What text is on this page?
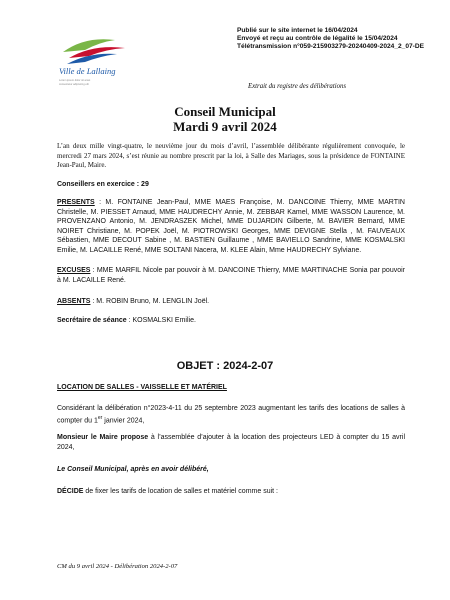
Publié sur le site internet le 16/04/2024
Envoyé et reçu au contrôle de légalité le 15/04/2024
Télétransmission n°059-215903279-20240409-2024_2_07-DE
Ville de Lallaing
Lorem ipsum dolor sit amet
consectetur adipiscing elit	Extrait du registre des délibérations
Conseil Municipal
Mardi 9 avril 2024

L’an deux mille vingt-quatre, le neuvième jour du mois d’avril, l’assemblée délibérante régulièrement convoquée, le mercredi 27 mars 2024, s’est réunie au nombre prescrit par la loi, à Salle des Mariages, sous la présidence de FONTAINE Jean-Paul, Maire.

Conseillers en exercice : 29

PRESENTS : M. FONTAINE Jean-Paul, MME MAES Françoise, M. DANCOINE Thierry, MME MARTIN Christelle, M. PIESSET Arnaud, MME HAUDRECHY Annie, M. ZEBBAR Kamel, MME WASSON Laurence, M. PROVENZANO Antonio, M. JENDRASZEK Michel, MME DUJARDIN Gilberte, M. BAVIER Bernard, MME NOIRET Christiane, M. POPEK Joël, M. PIOTROWSKI Georges, MME DEVIGNE Stella , M. FAUVEAUX Sébastien, MME DECOUT Sabine , M. BASTIEN Guillaume , MME BAVIELLO Sandrine, MME KOSMALSKI Emilie, M. LACAILLE René, MME SOLTANI Nacera, M. KLEE Alain, Mme HAUDRECHY Sylviane.

EXCUSES : MME MARFIL Nicole par pouvoir à M. DANCOINE Thierry, MME MARTINACHE Sonia par pouvoir à M. LACAILLE René.

ABSENTS : M. ROBIN Bruno, M. LENGLIN Joël.
Secrétaire de séance : KOSMALSKI Emilie.
OBJET : 2024-2-07
LOCATION DE SALLES - VAISSELLE ET MATÉRIEL

Considérant la délibération n°2023-4-11 du 25 septembre 2023 augmentant les tarifs des locations de salles à compter du 1er janvier 2024,

Monsieur le Maire propose à l’assemblée d’ajouter à la location des projecteurs LED à compter du 15 avril 2024,

Le Conseil Municipal, après en avoir délibéré,
DÉCIDE de fixer les tarifs de location de salles et matériel comme suit :
CM du 9 avril 2024 - Délibération 2024-2-07
